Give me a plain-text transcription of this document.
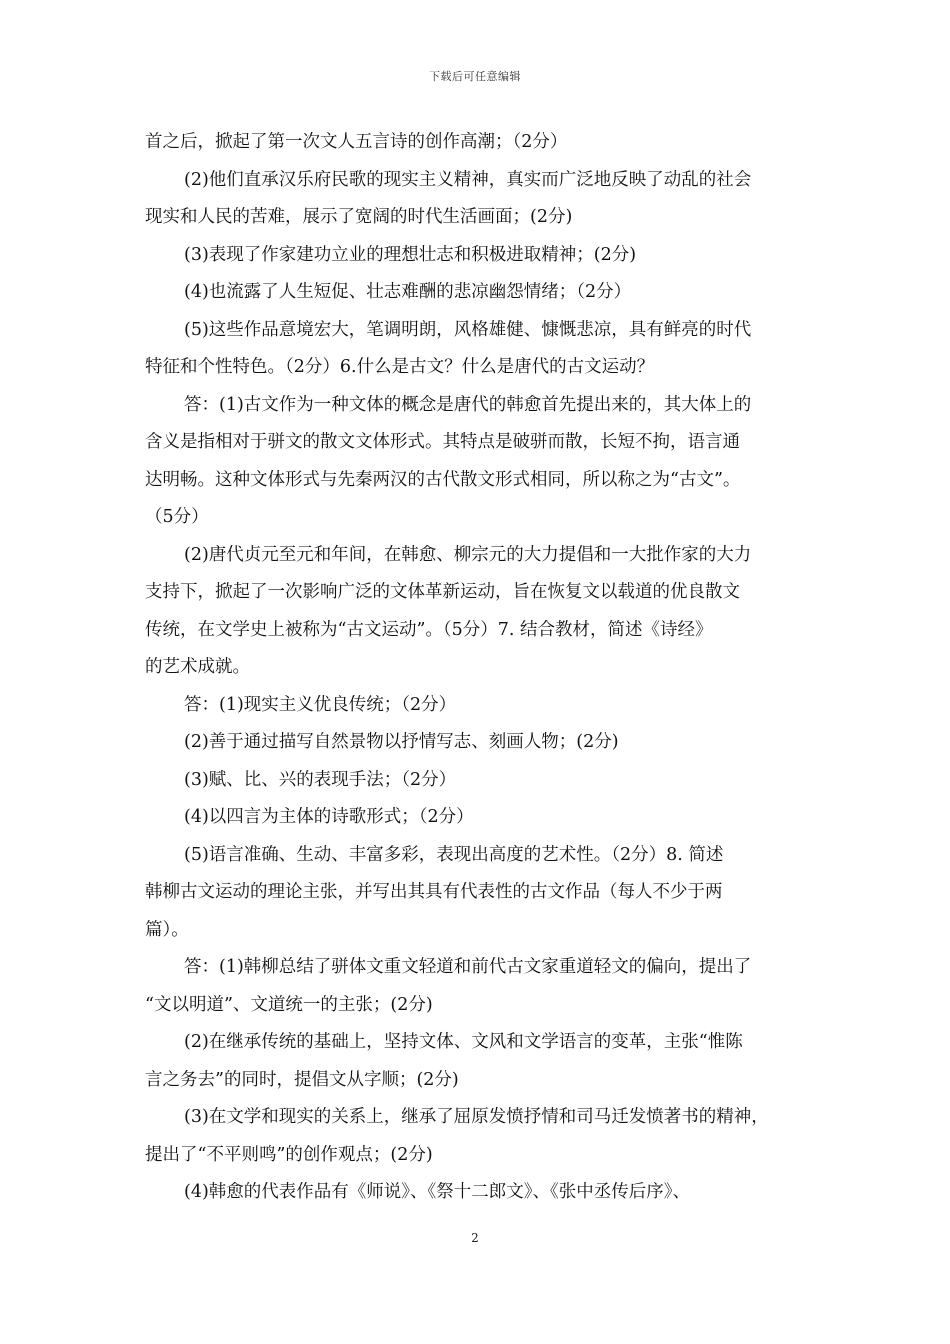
下载后可任意编辑
首之后，掀起了第一次文人五言诗的创作高潮；（2分）
(2)他们直承汉乐府民歌的现实主义精神，真实而广泛地反映了动乱的社会
现实和人民的苦难，展示了宽阔的时代生活画面；(2分)
(3)表现了作家建功立业的理想壮志和积极进取精神；(2分)
(4)也流露了人生短促、壮志难酬的悲凉幽怨情绪；（2分）
(5)这些作品意境宏大，笔调明朗，风格雄健、慷慨悲凉，具有鲜亮的时代
特征和个性特色。（2分）6.什么是古文？什么是唐代的古文运动？
答：(1)古文作为一种文体的概念是唐代的韩愈首先提出来的，其大体上的
含义是指相对于骈文的散文文体形式。其特点是破骈而散，长短不拘，语言通
达明畅。这种文体形式与先秦两汉的古代散文形式相同，所以称之为“古文”。
（5分）
(2)唐代贞元至元和年间，在韩愈、柳宗元的大力提倡和一大批作家的大力
支持下，掀起了一次影响广泛的文体革新运动，旨在恢复文以载道的优良散文
传统，在文学史上被称为“古文运动”。（5分）7. 结合教材，简述《诗经》
的艺术成就。
答：(1)现实主义优良传统；（2分）
(2)善于通过描写自然景物以抒情写志、刻画人物；(2分)
(3)赋、比、兴的表现手法；（2分）
(4)以四言为主体的诗歌形式；（2分）
(5)语言准确、生动、丰富多彩，表现出高度的艺术性。（2分）8. 简述
韩柳古文运动的理论主张，并写出其具有代表性的古文作品（每人不少于两
篇）。
答：(1)韩柳总结了骈体文重文轻道和前代古文家重道轻文的偏向，提出了
“文以明道”、文道统一的主张；(2分)
(2)在继承传统的基础上，坚持文体、文风和文学语言的变革，主张“惟陈
言之务去”的同时，提倡文从字顺；(2分)
(3)在文学和现实的关系上，继承了屈原发愤抒情和司马迁发愤著书的精神，
提出了“不平则鸣”的创作观点；(2分)
(4)韩愈的代表作品有《师说》、《祭十二郎文》、《张中丞传后序》、
2
